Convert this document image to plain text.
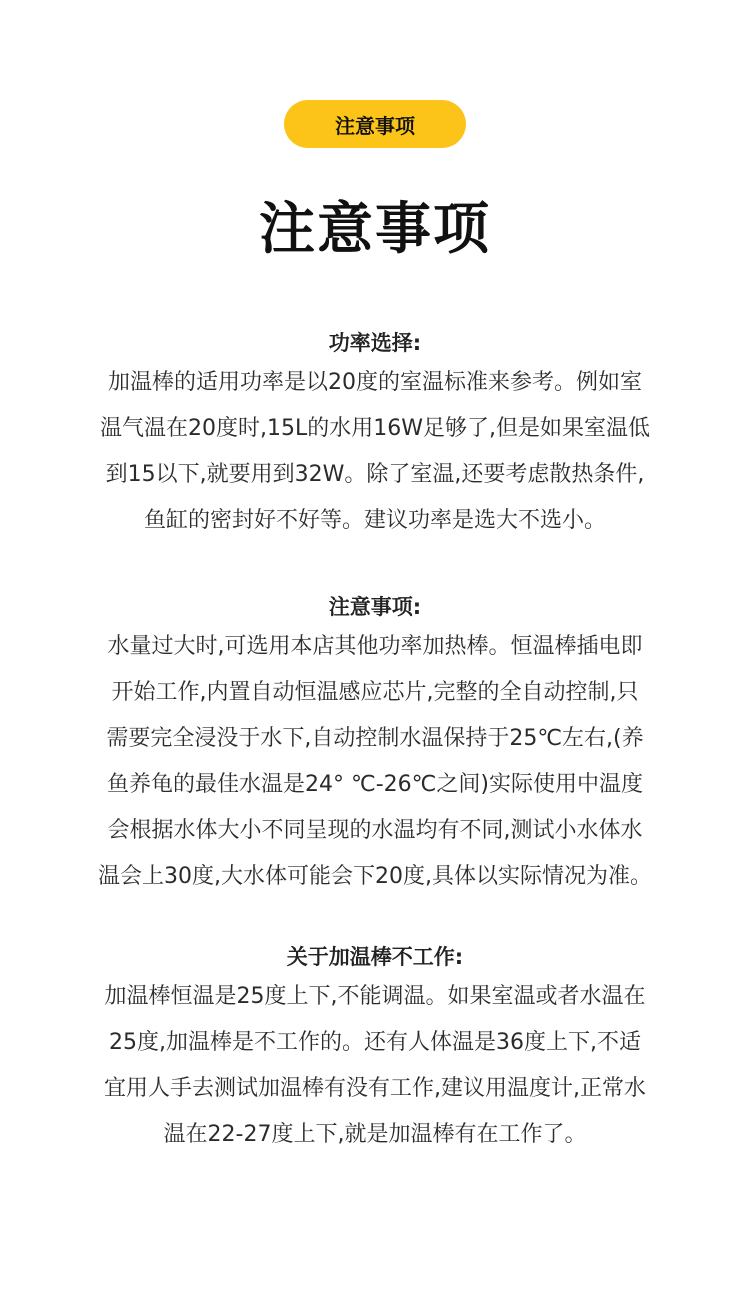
注意事项
注意事项
功率选择:
加温棒的适用功率是以20度的室温标准来参考。例如室
温气温在20度时,15L的水用16W足够了,但是如果室温低
到15以下,就要用到32W。除了室温,还要考虑散热条件,
鱼缸的密封好不好等。建议功率是选大不选小。
注意事项:
水量过大时,可选用本店其他功率加热棒。恒温棒插电即
开始工作,内置自动恒温感应芯片,完整的全自动控制,只
需要完全浸没于水下,自动控制水温保持于25℃左右,(养
鱼养龟的最佳水温是24° ℃-26℃之间)实际使用中温度
会根据水体大小不同呈现的水温均有不同,测试小水体水
温会上30度,大水体可能会下20度,具体以实际情况为准。
关于加温棒不工作:
加温棒恒温是25度上下,不能调温。如果室温或者水温在
25度,加温棒是不工作的。还有人体温是36度上下,不适
宜用人手去测试加温棒有没有工作,建议用温度计,正常水
温在22-27度上下,就是加温棒有在工作了。
